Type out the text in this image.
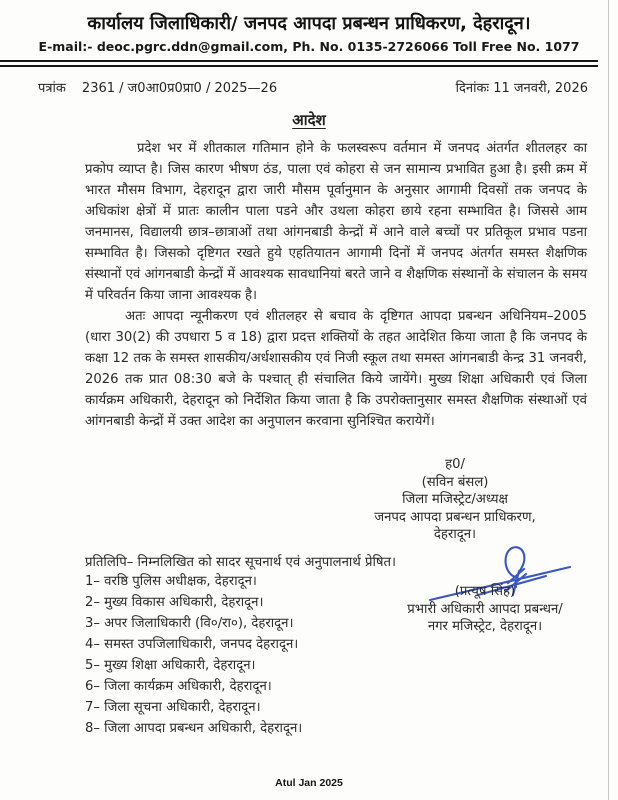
कार्यालय जिलाधिकारी/ जनपद आपदा प्रबन्धन प्राधिकरण, देहरादून।
E-mail:- deoc.pgrc.ddn@gmail.com, Ph. No. 0135-2726066 Toll Free No. 1077
पत्रांक 2361 / ज0आ0प्र0प्रा0 / 2025—26	दिनांकः 11 जनवरी, 2026
आदेश

प्रदेश भर में शीतकाल गतिमान होने के फलस्वरूप वर्तमान में जनपद अंतर्गत शीतलहर का प्रकोप व्याप्त है। जिस कारण भीषण ठंड, पाला एवं कोहरा से जन सामान्य प्रभावित हुआ है। इसी क्रम में भारत मौसम विभाग, देहरादून द्वारा जारी मौसम पूर्वानुमान के अनुसार आगामी दिवसों तक जनपद के अधिकांश क्षेत्रों में प्रातः कालीन पाला पडने और उथला कोहरा छाये रहना सम्भावित है। जिससे आम जनमानस, विद्यालयी छात्र–छात्राओं तथा आंगनबाडी केन्द्रों में आने वाले बच्चों पर प्रतिकूल प्रभाव पडना सम्भावित है। जिसको दृष्टिगत रखते हुये एहतियातन आगामी दिनों में जनपद अंतर्गत समस्त शैक्षणिक संस्थानों एवं आंगनबाडी केन्द्रों में आवश्यक सावधानियां बरते जाने व शैक्षणिक संस्थानों के संचालन के समय में परिवर्तन किया जाना आवश्यक है।

अतः आपदा न्यूनीकरण एवं शीतलहर से बचाव के दृष्टिगत आपदा प्रबन्धन अधिनियम–2005 (धारा 30(2) की उपधारा 5 व 18) द्वारा प्रदत्त शक्तियों के तहत आदेशित किया जाता है कि जनपद के कक्षा 12 तक के समस्त शासकीय/अर्धशासकीय एवं निजी स्कूल तथा समस्त आंगनबाडी केन्द्र 31 जनवरी, 2026 तक प्रात 08:30 बजे के पश्चात् ही संचालित किये जायेंगे। मुख्य शिक्षा अधिकारी एवं जिला कार्यक्रम अधिकारी, देहरादून को निर्देशित किया जाता है कि उपरोक्तानुसार समस्त शैक्षणिक संस्थाओं एवं आंगनबाडी केन्द्रों में उक्त आदेश का अनुपालन करवाना सुनिश्चित करायेगें।

ह0/
(सविन बंसल)
जिला मजिस्ट्रेट/अध्यक्ष
जनपद आपदा प्रबन्धन प्राधिकरण,
देहरादून।
प्रतिलिपि– निम्नलिखित को सादर सूचनार्थ एवं अनुपालनार्थ प्रेषित।
1– वरष्ठि पुलिस अधीक्षक, देहरादून।
2– मुख्य विकास अधिकारी, देहरादून।
3– अपर जिलाधिकारी (वि०/रा०), देहरादून।
4– समस्त उपजिलाधिकारी, जनपद देहरादून।
5– मुख्य शिक्षा अधिकारी, देहरादून।
6– जिला कार्यक्रम अधिकारी, देहरादून।
7– जिला सूचना अधिकारी, देहरादून।
8– जिला आपदा प्रबन्धन अधिकारी, देहरादून।
(प्रत्यूष सिंह)
प्रभारी अधिकारी आपदा प्रबन्धन/
नगर मजिस्ट्रेट, देहरादून।
Atul Jan 2025
